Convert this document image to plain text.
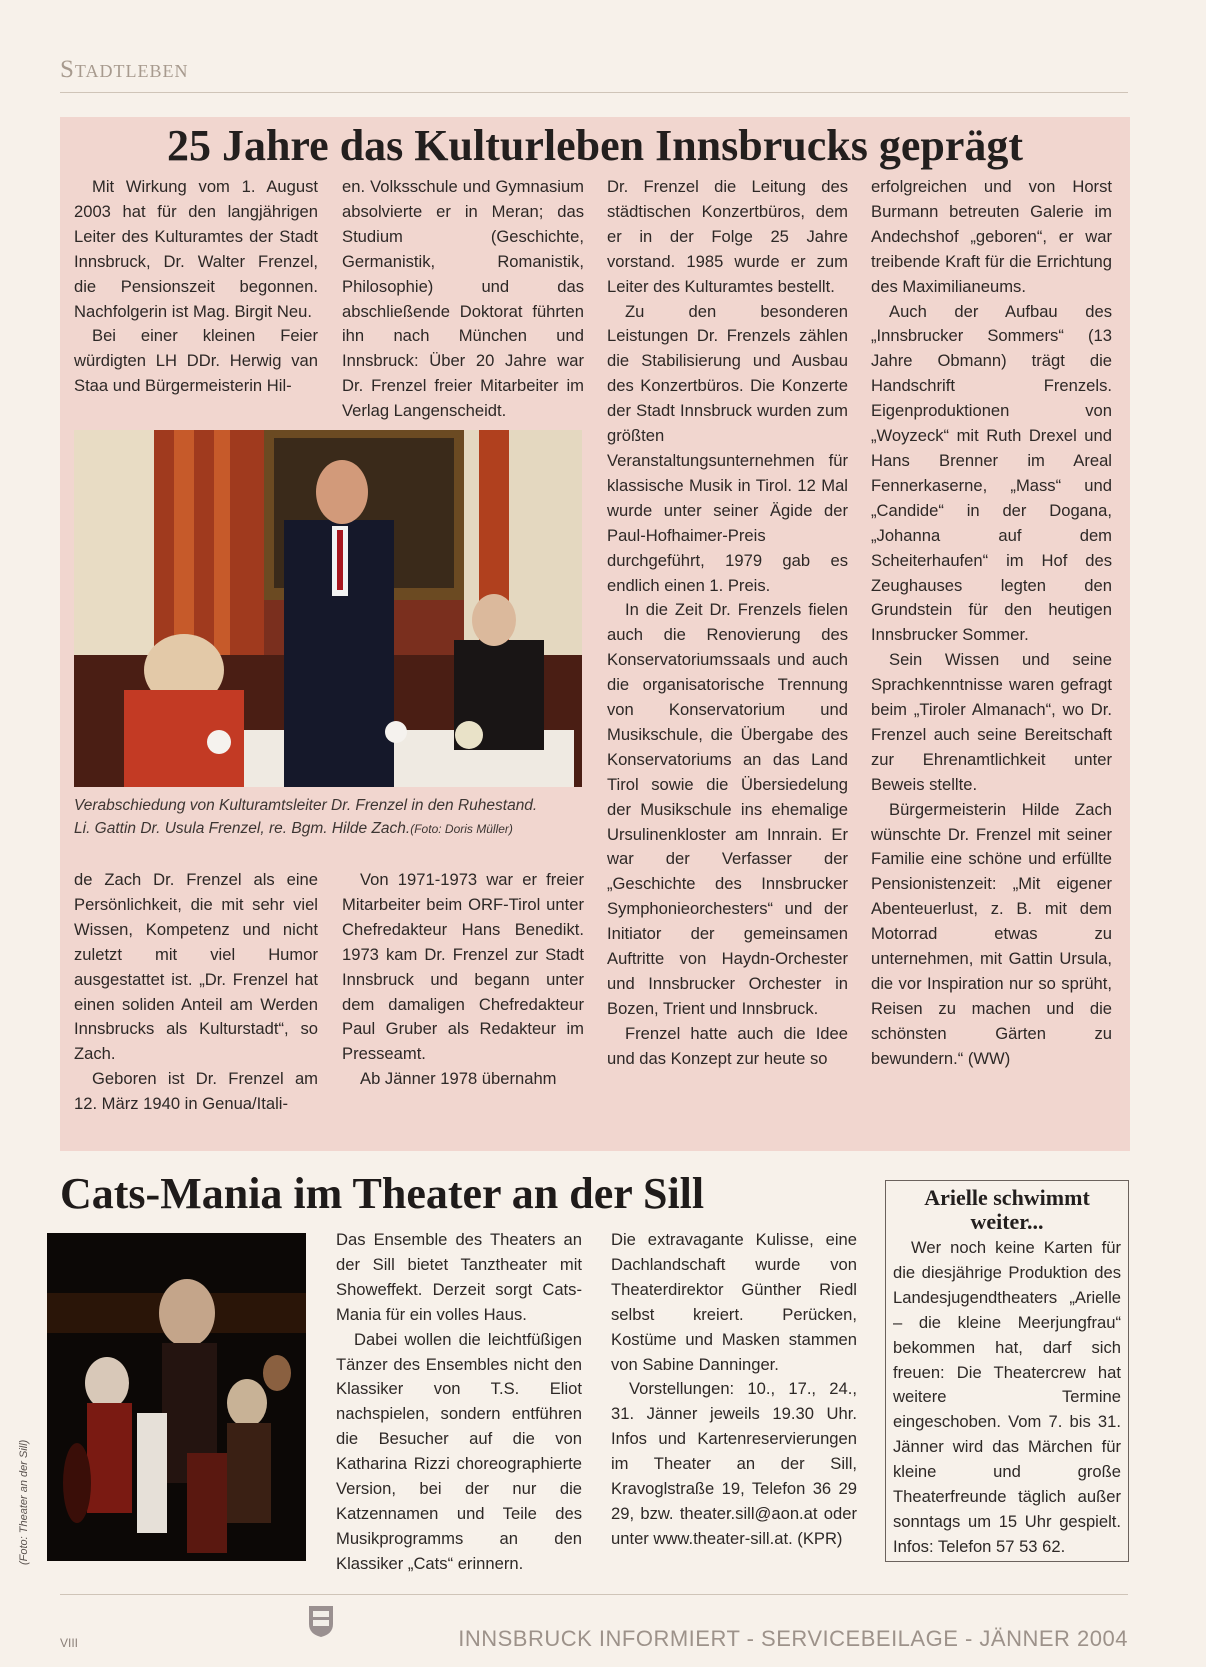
Stadtleben
25 Jahre das Kulturleben Innsbrucks geprägt

Mit Wirkung vom 1. August 2003 hat für den langjährigen Leiter des Kulturamtes der Stadt Innsbruck, Dr. Walter Frenzel, die Pensionszeit begonnen. Nachfolgerin ist Mag. Birgit Neu.

Bei einer kleinen Feier würdigten LH DDr. Herwig van Staa und Bürgermeisterin Hil-

en. Volksschule und Gymnasium absolvierte er in Meran; das Studium (Geschichte, Germanistik, Romanistik, Philosophie) und das abschließende Doktorat führten ihn nach München und Innsbruck: Über 20 Jahre war Dr. Frenzel freier Mitarbeiter im Verlag Langenscheidt.

Verabschiedung von Kulturamtsleiter Dr. Frenzel in den Ruhestand.
Li. Gattin Dr. Usula Frenzel, re. Bgm. Hilde Zach.(Foto: Doris Müller)

de Zach Dr. Frenzel als eine Persönlichkeit, die mit sehr viel Wissen, Kompetenz und nicht zuletzt mit viel Humor ausgestattet ist. „Dr. Frenzel hat einen soliden Anteil am Werden Innsbrucks als Kulturstadt“, so Zach.

Geboren ist Dr. Frenzel am 12. März 1940 in Genua/Itali-

Von 1971-1973 war er freier Mitarbeiter beim ORF-Tirol unter Chefredakteur Hans Benedikt. 1973 kam Dr. Frenzel zur Stadt Innsbruck und begann unter dem damaligen Chefredakteur Paul Gruber als Redakteur im Presseamt.

Ab Jänner 1978 übernahm

Dr. Frenzel die Leitung des städtischen Konzertbüros, dem er in der Folge 25 Jahre vorstand. 1985 wurde er zum Leiter des Kulturamtes bestellt.

Zu den besonderen Leistungen Dr. Frenzels zählen die Stabilisierung und Ausbau des Konzertbüros. Die Konzerte der Stadt Innsbruck wurden zum größten Veranstaltungsunternehmen für klassische Musik in Tirol. 12 Mal wurde unter seiner Ägide der Paul-Hofhaimer-Preis durchgeführt, 1979 gab es endlich einen 1. Preis.

In die Zeit Dr. Frenzels fielen auch die Renovierung des Konservatoriumssaals und auch die organisatorische Trennung von Konservatorium und Musikschule, die Übergabe des Konservatoriums an das Land Tirol sowie die Übersiedelung der Musikschule ins ehemalige Ursulinenkloster am Innrain. Er war der Verfasser der „Geschichte des Innsbrucker Symphonieorchesters“ und der Initiator der gemeinsamen Auftritte von Haydn-Orchester und Innsbrucker Orchester in Bozen, Trient und Innsbruck.

Frenzel hatte auch die Idee und das Konzept zur heute so

erfolgreichen und von Horst Burmann betreuten Galerie im Andechshof „geboren“, er war treibende Kraft für die Errichtung des Maximilianeums.

Auch der Aufbau des „Innsbrucker Sommers“ (13 Jahre Obmann) trägt die Handschrift Frenzels. Eigenproduktionen von „Woyzeck“ mit Ruth Drexel und Hans Brenner im Areal Fennerkaserne, „Mass“ und „Candide“ in der Dogana, „Johanna auf dem Scheiterhaufen“ im Hof des Zeughauses legten den Grundstein für den heutigen Innsbrucker Sommer.

Sein Wissen und seine Sprachkenntnisse waren gefragt beim „Tiroler Almanach“, wo Dr. Frenzel auch seine Bereitschaft zur Ehrenamtlichkeit unter Beweis stellte.

Bürgermeisterin Hilde Zach wünschte Dr. Frenzel mit seiner Familie eine schöne und erfüllte Pensionistenzeit: „Mit eigener Abenteuerlust, z. B. mit dem Motorrad etwas zu unternehmen, mit Gattin Ursula, die vor Inspiration nur so sprüht, Reisen zu machen und die schönsten Gärten zu bewundern.“ (WW)

Cats-Mania im Theater an der Sill
(Foto: Theater an der Sill)

Das Ensemble des Theaters an der Sill bietet Tanztheater mit Showeffekt. Derzeit sorgt Cats-Mania für ein volles Haus.

Dabei wollen die leichtfüßigen Tänzer des Ensembles nicht den Klassiker von T.S. Eliot nachspielen, sondern entführen die Besucher auf die von Katharina Rizzi choreographierte Version, bei der nur die Katzennamen und Teile des Musikprogramms an den Klassiker „Cats“ erinnern.

Die extravagante Kulisse, eine Dachlandschaft wurde von Theaterdirektor Günther Riedl selbst kreiert. Perücken, Kostüme und Masken stammen von Sabine Danninger.

Vorstellungen: 10., 17., 24., 31. Jänner jeweils 19.30 Uhr. Infos und Kartenreservierungen im Theater an der Sill, Kravoglstraße 19, Telefon 36 29 29, bzw. theater.sill@aon.at oder unter www.theater-sill.at. (KPR)

Arielle schwimmt weiter...

Wer noch keine Karten für die diesjährige Produktion des Landesjugendtheaters „Arielle – die kleine Meerjungfrau“ bekommen hat, darf sich freuen: Die Theatercrew hat weitere Termine eingeschoben. Vom 7. bis 31. Jänner wird das Märchen für kleine und große Theaterfreunde täglich außer sonntags um 15 Uhr gespielt. Infos: Telefon 57 53 62.

VIII	INNSBRUCK INFORMIERT - SERVICEBEILAGE - JÄNNER 2004
